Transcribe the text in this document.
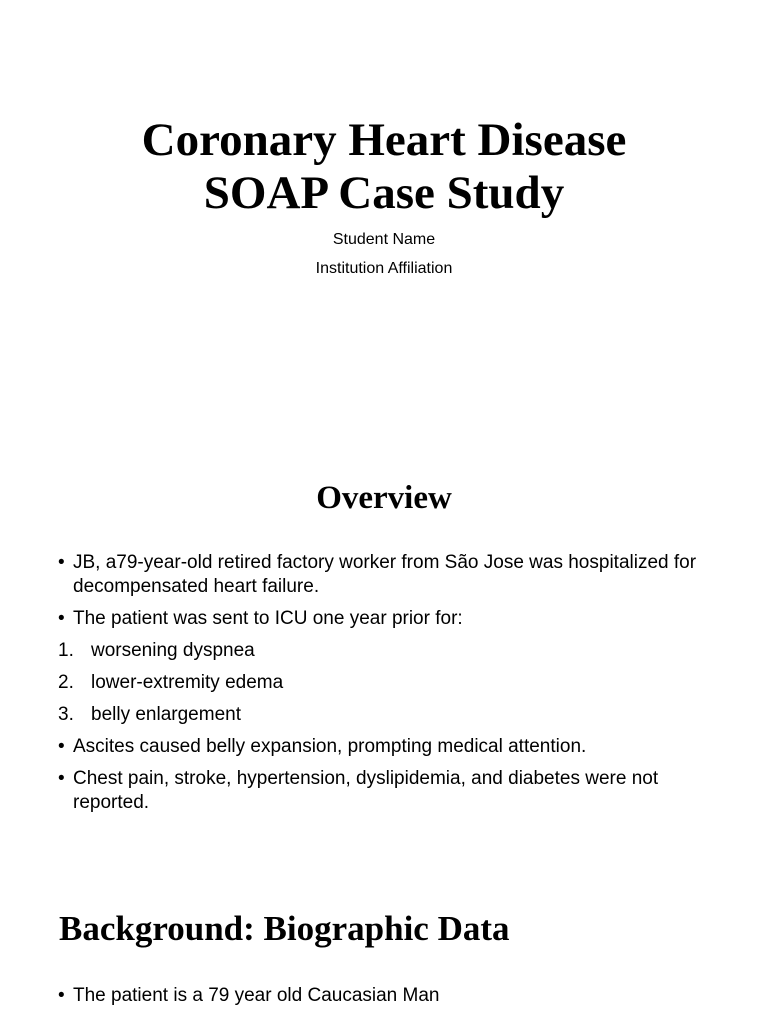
Coronary Heart Disease
SOAP Case Study

Student Name

Institution Affiliation

Overview
• JB, a79-year-old retired factory worker from São Jose was hospitalized for decompensated heart failure.
• The patient was sent to ICU one year prior for:
1. worsening dyspnea
2. lower-extremity edema
3. belly enlargement
• Ascites caused belly expansion, prompting medical attention.
• Chest pain, stroke, hypertension, dyslipidemia, and diabetes were not reported.
Background: Biographic Data
• The patient is a 79 year old Caucasian Man
